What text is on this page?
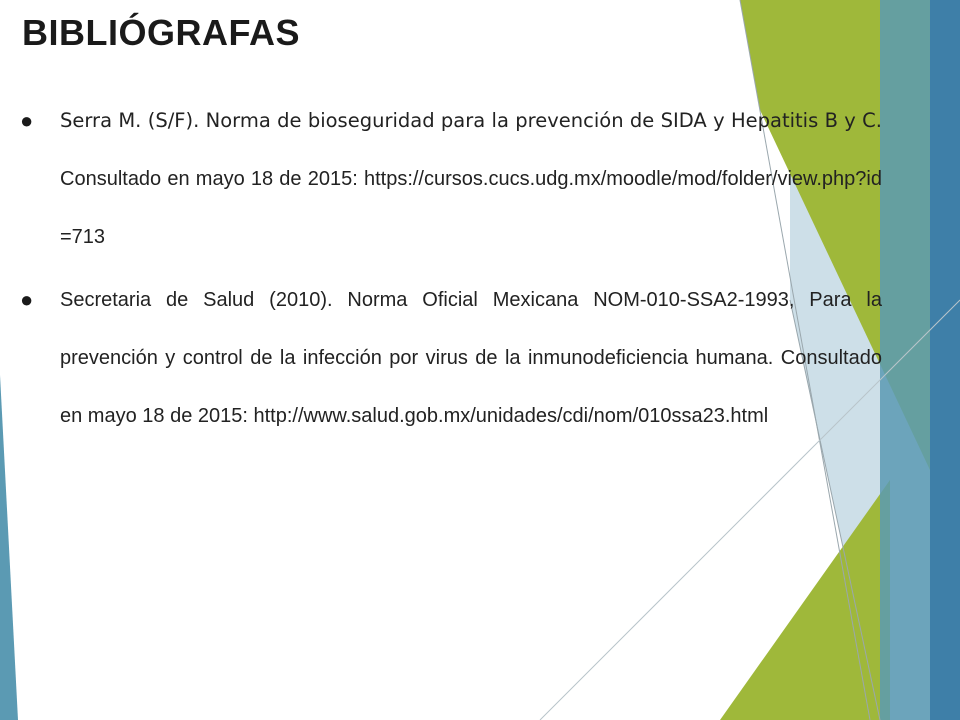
BIBLIÓGRAFAS
● Serra M. (S/F). Norma de bioseguridad para la prevención de SIDA y Hepatitis B y C. Consultado en mayo 18 de 2015: https://cursos.cucs.udg.mx/moodle/mod/folder/view.php?id=713
● Secretaria de Salud (2010). Norma Oficial Mexicana NOM-010-SSA2-1993, Para la prevención y control de la infección por virus de la inmunodeficiencia humana. Consultado en mayo 18 de 2015: http://www.salud.gob.mx/unidades/cdi/nom/010ssa23.html
